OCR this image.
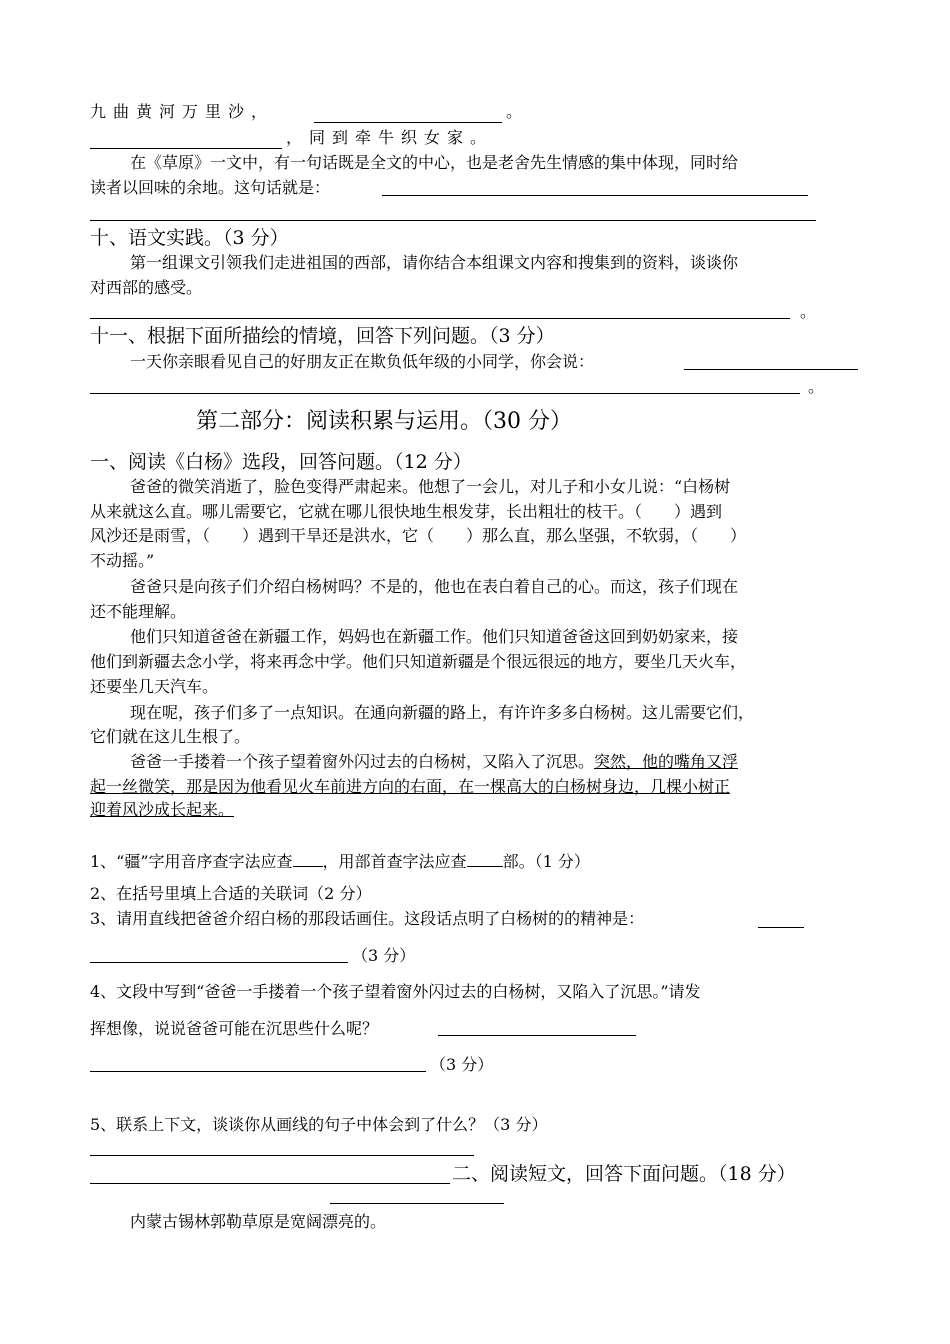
九曲黄河万里沙，	。
，同到牵牛织女家。
在《草原》一文中，有一句话既是全文的中心，也是老舍先生情感的集中体现，同时给
读者以回味的余地。这句话就是：
十、语文实践。（3 分）
第一组课文引领我们走进祖国的西部，请你结合本组课文内容和搜集到的资料，谈谈你
对西部的感受。
。
十一、根据下面所描绘的情境，回答下列问题。（3 分）
一天你亲眼看见自己的好朋友正在欺负低年级的小同学，你会说：
。
第二部分：阅读积累与运用。（30 分）
一、阅读《白杨》选段，回答问题。（12 分）
爸爸的微笑消逝了，脸色变得严肃起来。他想了一会儿，对儿子和小女儿说：“白杨树
从来就这么直。哪儿需要它，它就在哪儿很快地生根发芽，长出粗壮的枝干。（　　）遇到
风沙还是雨雪，（　　）遇到干旱还是洪水，它（　　）那么直，那么坚强，不软弱，（　　）
不动摇。”
爸爸只是向孩子们介绍白杨树吗？不是的，他也在表白着自己的心。而这，孩子们现在
还不能理解。
他们只知道爸爸在新疆工作，妈妈也在新疆工作。他们只知道爸爸这回到奶奶家来，接
他们到新疆去念小学，将来再念中学。他们只知道新疆是个很远很远的地方，要坐几天火车，
还要坐几天汽车。
现在呢，孩子们多了一点知识。在通向新疆的路上，有许许多多白杨树。这儿需要它们，
它们就在这儿生根了。
爸爸一手搂着一个孩子望着窗外闪过去的白杨树，又陷入了沉思。突然，他的嘴角又浮
起一丝微笑，那是因为他看见火车前进方向的右面，在一棵高大的白杨树身边，几棵小树正
迎着风沙成长起来。
1、“疆”字用音序查字法应查 ，用部首查字法应查 部。（1 分）
2、在括号里填上合适的关联词（2 分）
3、请用直线把爸爸介绍白杨的那段话画住。这段话点明了白杨树的的精神是：
（3 分）
4、文段中写到“爸爸一手搂着一个孩子望着窗外闪过去的白杨树，又陷入了沉思。”请发
挥想像，说说爸爸可能在沉思些什么呢？
（3 分）
5、联系上下文，谈谈你从画线的句子中体会到了什么？（3 分）
二、阅读短文，回答下面问题。（18 分）
内蒙古锡林郭勒草原是宽阔漂亮的。
